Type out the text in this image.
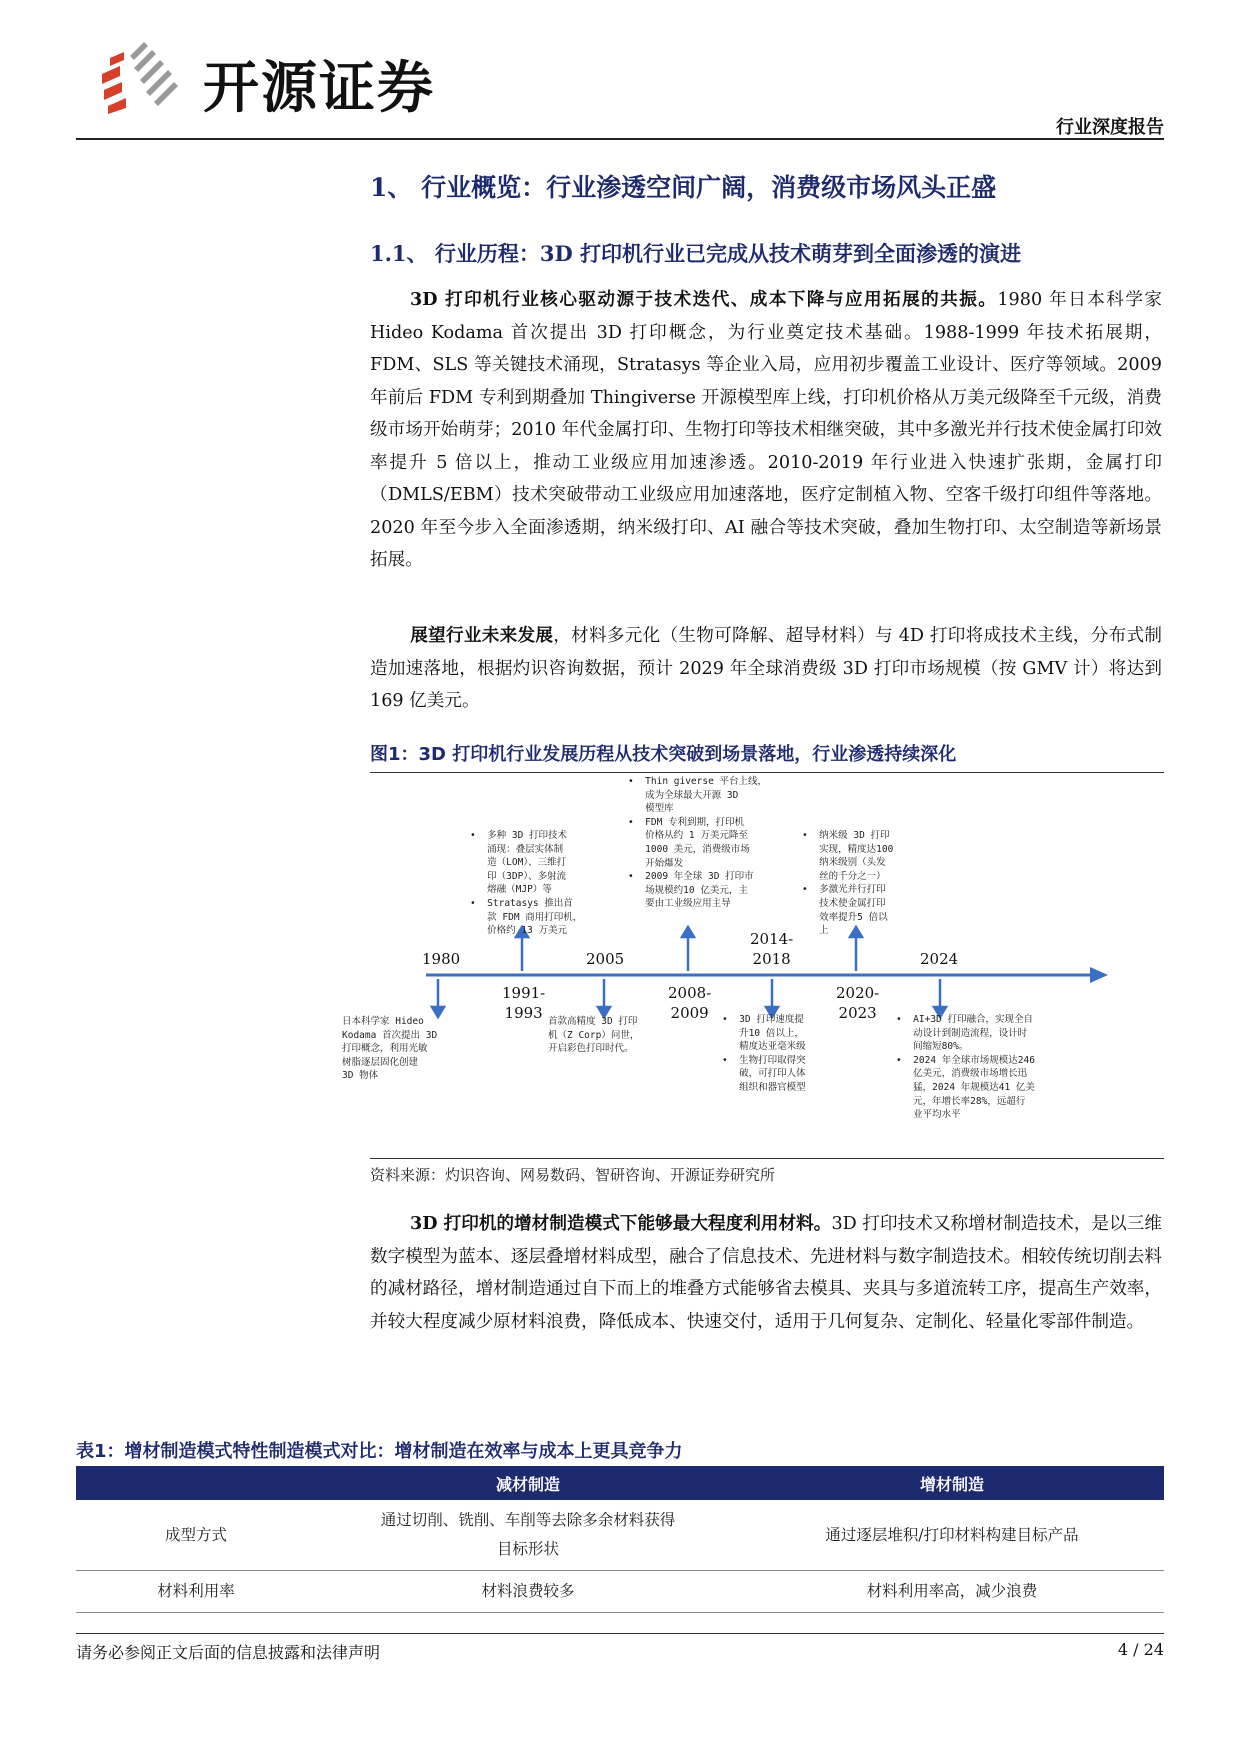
开源证券
行业深度报告
1、 行业概览：行业渗透空间广阔，消费级市场风头正盛
1.1、 行业历程：3D 打印机行业已完成从技术萌芽到全面渗透的演进
3D 打印机行业核心驱动源于技术迭代、成本下降与应用拓展的共振。1980 年日本科学家 Hideo Kodama 首次提出 3D 打印概念，为行业奠定技术基础。1988-1999 年技术拓展期，FDM、SLS 等关键技术涌现，Stratasys 等企业入局，应用初步覆盖工业设计、医疗等领域。2009 年前后 FDM 专利到期叠加 Thingiverse 开源模型库上线，打印机价格从万美元级降至千元级，消费级市场开始萌芽；2010 年代金属打印、生物打印等技术相继突破，其中多激光并行技术使金属打印效率提升 5 倍以上，推动工业级应用加速渗透。2010-2019 年行业进入快速扩张期，金属打印（DMLS/EBM）技术突破带动工业级应用加速落地，医疗定制植入物、空客千级打印组件等落地。2020 年至今步入全面渗透期，纳米级打印、AI 融合等技术突破，叠加生物打印、太空制造等新场景拓展。
展望行业未来发展，材料多元化（生物可降解、超导材料）与 4D 打印将成技术主线，分布式制造加速落地，根据灼识咨询数据，预计 2029 年全球消费级 3D 打印市场规模（按 GMV 计）将达到 169 亿美元。
图1：3D 打印机行业发展历程从技术突破到场景落地，行业渗透持续深化
1980	2005
2014-
2018	2024
1991-
1993
2008-
2009
2020-
2023
日本科学家 Hideo
Kodama 首次提出 3D
打印概念，利用光敏
树脂逐层固化创建
3D 物体
•  多种 3D 打印技术
涌现：叠层实体制
造（LOM）、三维打
印（3DP）、多射流
熔融（MJP）等
•  Stratasys 推出首
款 FDM 商用打印机，
价格约 13 万美元
首款高精度 3D 打印
机（Z Corp）问世，
开启彩色打印时代。
•  Thin giverse 平台上线，
成为全球最大开源 3D
模型库
•  FDM 专利到期，打印机
价格从约 1 万美元降至
1000 美元，消费级市场
开始爆发
•  2009 年全球 3D 打印市
场规模约10 亿美元，主
要由工业级应用主导
•  3D 打印速度提
升10 倍以上，
精度达亚毫米级
•  生物打印取得突
破，可打印人体
组织和器官模型
•  纳米级 3D 打印
实现，精度达100
纳米级别（头发
丝的千分之一）
•  多激光并行打印
技术使金属打印
效率提升5 倍以
上
•  AI+3D 打印融合，实现全自
动设计到制造流程，设计时
间缩短80%。
•  2024 年全球市场规模达246
亿美元，消费级市场增长迅
猛，2024 年规模达41 亿美
元，年增长率28%，远超行
业平均水平
资料来源：灼识咨询、网易数码、智研咨询、开源证券研究所
3D 打印机的增材制造模式下能够最大程度利用材料。3D 打印技术又称增材制造技术，是以三维数字模型为蓝本、逐层叠增材料成型，融合了信息技术、先进材料与数字制造技术。相较传统切削去料的减材路径，增材制造通过自下而上的堆叠方式能够省去模具、夹具与多道流转工序，提高生产效率，并较大程度减少原材料浪费，降低成本、快速交付，适用于几何复杂、定制化、轻量化零部件制造。
表1：增材制造模式特性制造模式对比：增材制造在效率与成本上更具竞争力
	减材制造	增材制造
成型方式	通过切削、铣削、车削等去除多余材料获得目标形状	通过逐层堆积/打印材料构建目标产品
材料利用率	材料浪费较多	材料利用率高，减少浪费
请务必参阅正文后面的信息披露和法律声明	4 / 24
